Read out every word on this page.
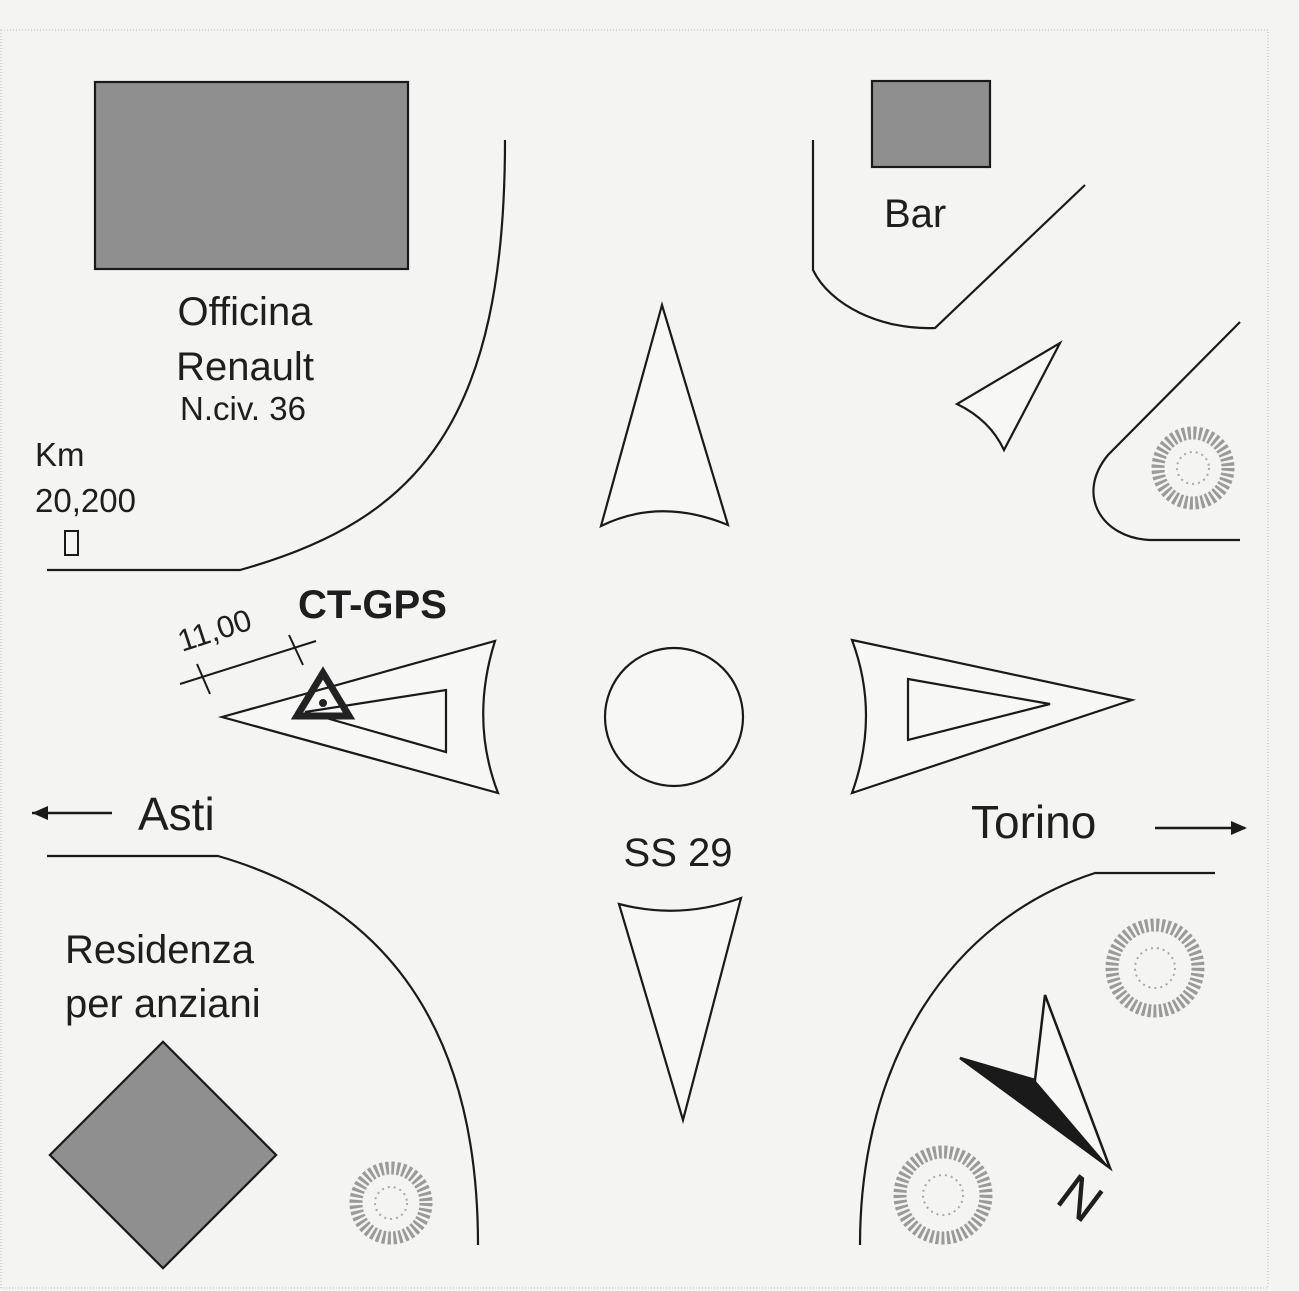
Officina
Renault
N.civ. 36
Km
20,200
Bar
CT-GPS
11,00
Asti	Torino
SS 29
Residenza
per anziani
N
